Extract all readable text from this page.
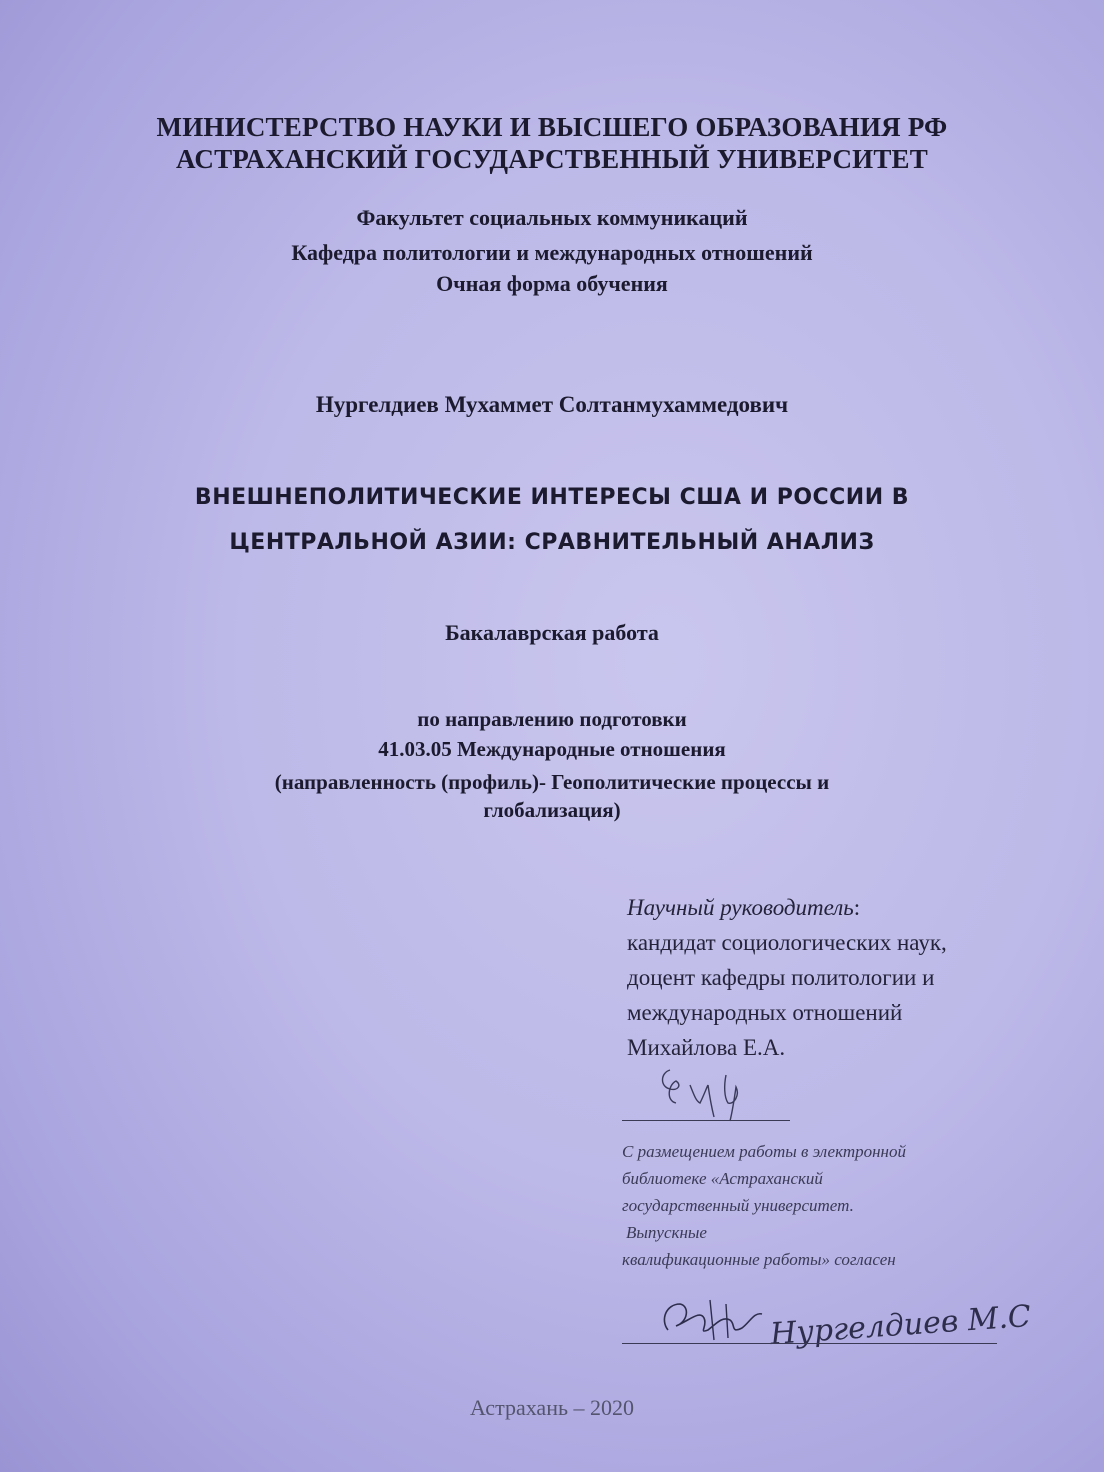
МИНИСТЕРСТВО НАУКИ И ВЫСШЕГО ОБРАЗОВАНИЯ РФ
АСТРАХАНСКИЙ ГОСУДАРСТВЕННЫЙ УНИВЕРСИТЕТ
Факультет социальных коммуникаций
Кафедра политологии и международных отношений
Очная форма обучения
Нургелдиев Мухаммет Солтанмухаммедович
ВНЕШНЕПОЛИТИЧЕСКИЕ ИНТЕРЕСЫ США И РОССИИ В
ЦЕНТРАЛЬНОЙ АЗИИ: СРАВНИТЕЛЬНЫЙ АНАЛИЗ
Бакалаврская работа
по направлению подготовки
41.03.05 Международные отношения
(направленность (профиль)- Геополитические процессы и
глобализация)
Научный руководитель:
кандидат социологических наук,
доцент кафедры политологии и
международных отношений
Михайлова Е.А.
С размещением работы в электронной
библиотеке «Астраханский
государственный университет.
Выпускные
квалификационные работы» согласен
Нургелдиев М.С
Астрахань – 2020
